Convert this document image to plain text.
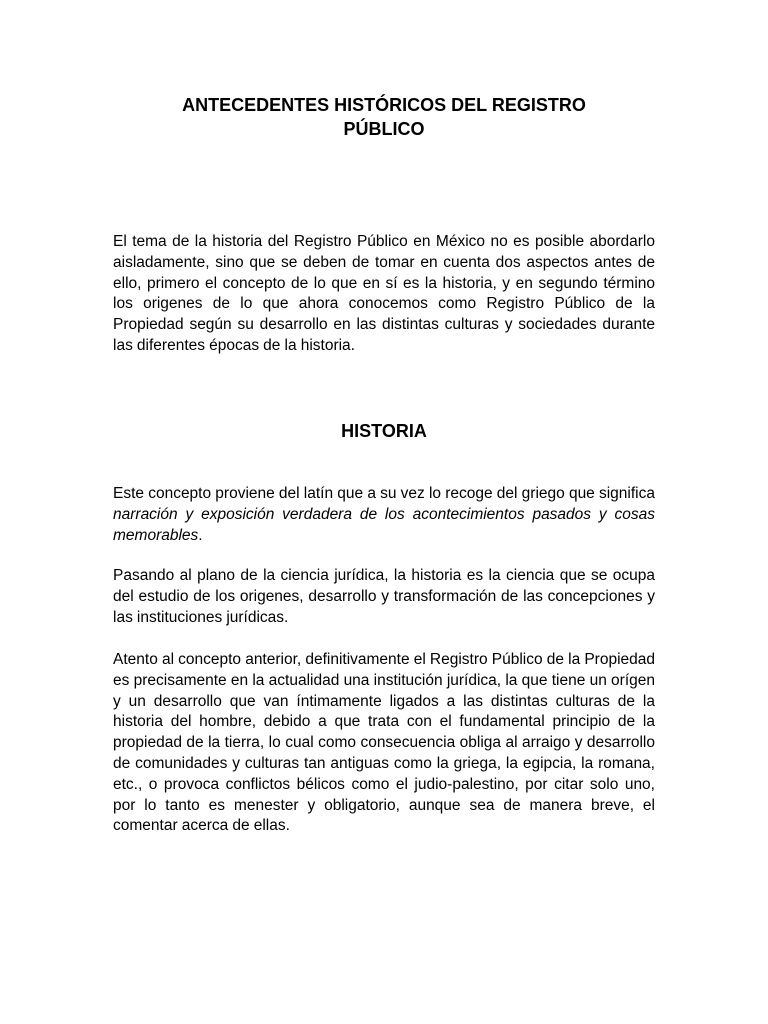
ANTECEDENTES HISTÓRICOS DEL REGISTRO
PÚBLICO

El tema de la historia del Registro Público en México no es posible abordarlo aisladamente, sino que se deben de tomar en cuenta dos aspectos antes de ello, primero el concepto de lo que en sí es la historia, y en segundo término los origenes de lo que ahora conocemos como Registro Público de la Propiedad según su desarrollo en las distintas culturas y sociedades durante las diferentes épocas de la historia.

HISTORIA

Este concepto proviene del latín que a su vez lo recoge del griego que significa narración y exposición verdadera de los acontecimientos pasados y cosas memorables.

Pasando al plano de la ciencia jurídica, la historia es la ciencia que se ocupa del estudio de los origenes, desarrollo y transformación de las concepciones y las instituciones jurídicas.

Atento al concepto anterior, definitivamente el Registro Público de la Propiedad es precisamente en la actualidad una institución jurídica, la que tiene un orígen y un desarrollo que van íntimamente ligados a las distintas culturas de la historia del hombre, debido a que trata con el fundamental principio de la propiedad de la tierra, lo cual como consecuencia obliga al arraigo y desarrollo de comunidades y culturas tan antiguas como la griega, la egipcia, la romana, etc., o provoca conflictos bélicos como el judio-palestino, por citar solo uno, por lo tanto es menester y obligatorio, aunque sea de manera breve, el comentar acerca de ellas.
